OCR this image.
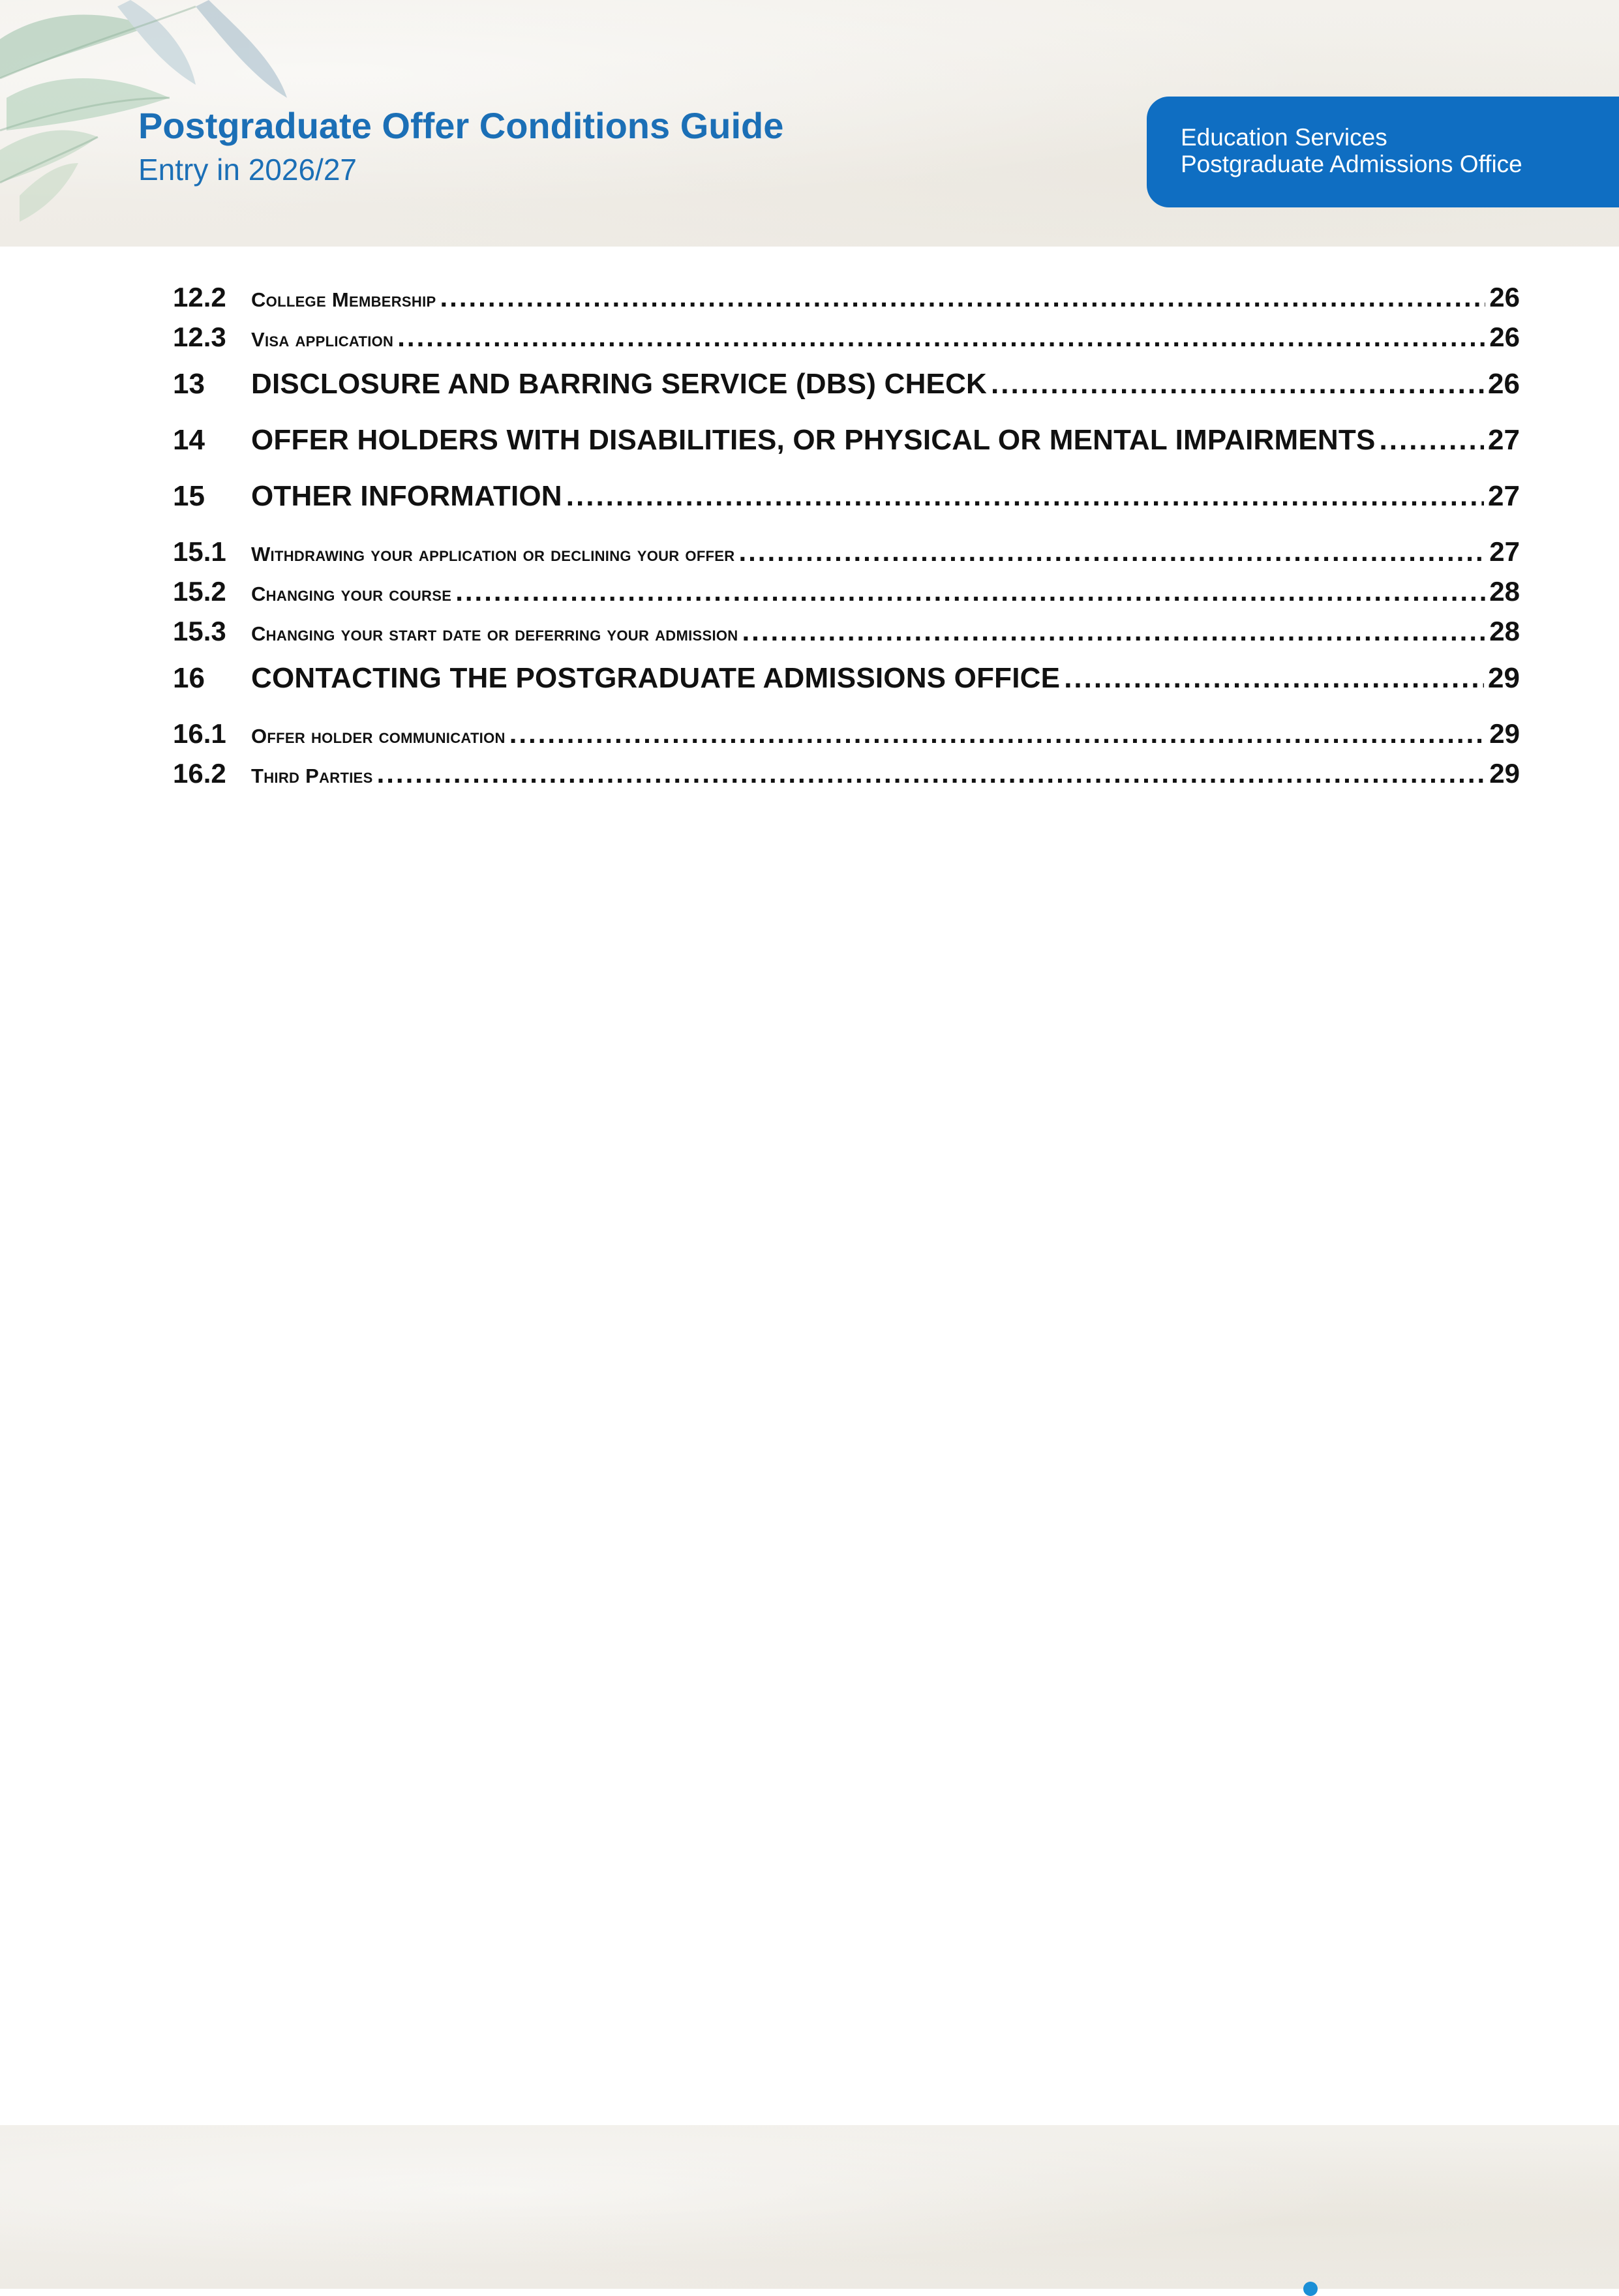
Postgraduate Offer Conditions Guide

Entry in 2026/27

Education Services
Postgraduate Admissions Office
12.2	College Membership .....	26
12.3	Visa application .....	26
13	DISCLOSURE AND BARRING SERVICE (DBS) CHECK .....	26
14	OFFER HOLDERS WITH DISABILITIES, OR PHYSICAL OR MENTAL IMPAIRMENTS .....	27
15	OTHER INFORMATION .....	27
15.1	Withdrawing your application or declining your offer .....	27
15.2	Changing your course .....	28
15.3	Changing your start date or deferring your admission .....	28
16	CONTACTING THE POSTGRADUATE ADMISSIONS OFFICE .....	29
16.1	Offer holder communication .....	29
16.2	Third Parties .....	29
